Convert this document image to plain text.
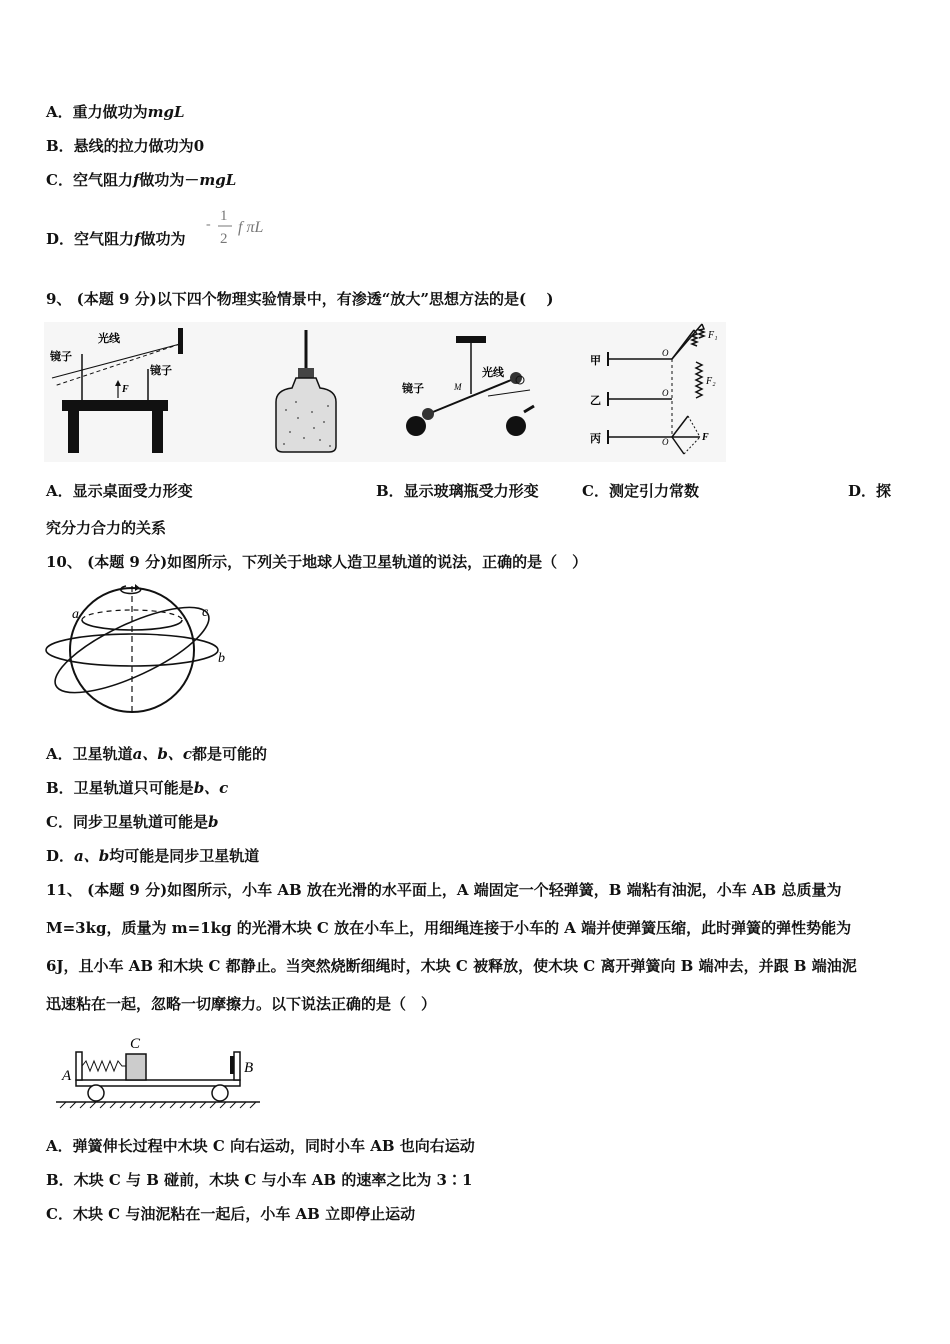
A．重力做功为mgL
B．悬线的拉力做功为0
C．空气阻力f做功为－mgL
D．空气阻力f做功为
-
1
2
f πL
9、 (本题 9 分)以下四个物理实验情景中，有渗透“放大”思想方法的是(　 )
镜子
光线
镜子
F	镜子
光线
M
甲
乙
丙
O
O
O
F₁
F₂
F
A．显示桌面受力形变	B．显示玻璃瓶受力形变	C．测定引力常数	D．探
究分力合力的关系
10、 (本题 9 分)如图所示，下列关于地球人造卫星轨道的说法，正确的是（　）
a
b
c
A．卫星轨道a、b、c都是可能的
B．卫星轨道只可能是b、c
C．同步卫星轨道可能是b
D．a、b均可能是同步卫星轨道
11、 (本题 9 分)如图所示，小车 AB 放在光滑的水平面上，A 端固定一个轻弹簧，B 端粘有油泥，小车 AB 总质量为
M=3kg，质量为 m=1kg 的光滑木块 C 放在小车上，用细绳连接于小车的 A 端并使弹簧压缩，此时弹簧的弹性势能为
6J，且小车 AB 和木块 C 都静止。当突然烧断细绳时，木块 C 被释放，使木块 C 离开弹簧向 B 端冲去，并跟 B 端油泥
迅速粘在一起，忽略一切摩擦力。以下说法正确的是（　）
A
C
B
A．弹簧伸长过程中木块 C 向右运动，同时小车 AB 也向右运动
B．木块 C 与 B 碰前，木块 C 与小车 AB 的速率之比为 3∶1
C．木块 C 与油泥粘在一起后，小车 AB 立即停止运动
